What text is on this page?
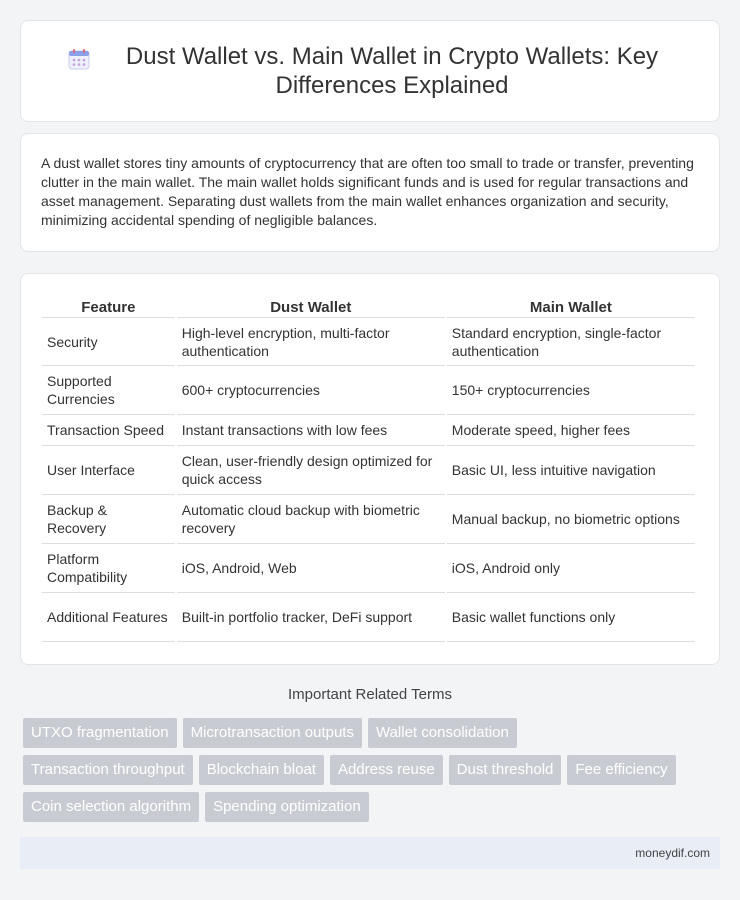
Dust Wallet vs. Main Wallet in Crypto Wallets: Key Differences Explained

A dust wallet stores tiny amounts of cryptocurrency that are often too small to trade or transfer, preventing clutter in the main wallet. The main wallet holds significant funds and is used for regular transactions and asset management. Separating dust wallets from the main wallet enhances organization and security, minimizing accidental spending of negligible balances.

Feature	Dust Wallet	Main Wallet
Security	High-level encryption, multi-factor authentication	Standard encryption, single-factor authentication
Supported Currencies	600+ cryptocurrencies	150+ cryptocurrencies
Transaction Speed	Instant transactions with low fees	Moderate speed, higher fees
User Interface	Clean, user-friendly design optimized for quick access	Basic UI, less intuitive navigation
Backup & Recovery	Automatic cloud backup with biometric recovery	Manual backup, no biometric options
Platform Compatibility	iOS, Android, Web	iOS, Android only
Additional Features	Built-in portfolio tracker, DeFi support	Basic wallet functions only
Important Related Terms
UTXO fragmentation	Microtransaction outputs	Wallet consolidation
Transaction throughput	Blockchain bloat	Address reuse	Dust threshold	Fee efficiency
Coin selection algorithm	Spending optimization
moneydif.com
